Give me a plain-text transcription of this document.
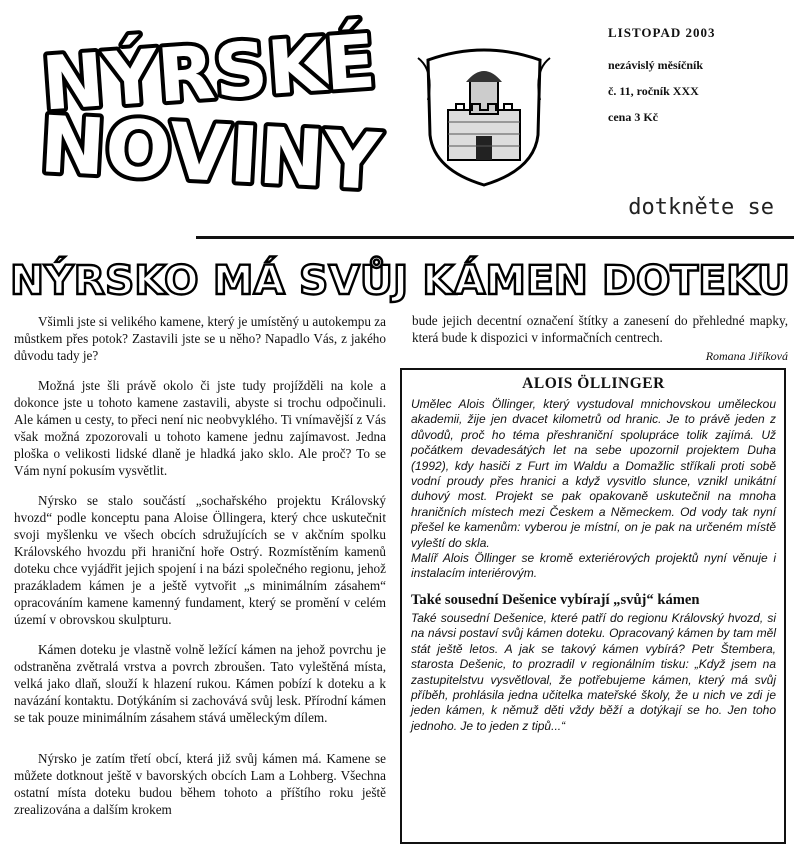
NÝRSKÉ
NOVINY
LISTOPAD 2003
nezávislý měsíčník
č. 11, ročník XXX
cena 3 Kč
dotkněte se
NÝRSKO MÁ SVŮJ KÁMEN DOTEKU

Všimli jste si velikého kamene, který je umístěný u autokempu za můstkem přes potok? Zastavili jste se u něho? Napadlo Vás, z jakého důvodu tady je?

Možná jste šli právě okolo či jste tudy projížděli na kole a dokonce jste u tohoto kamene zastavili, abyste si trochu odpočinuli. Ale kámen u cesty, to přeci není nic neobvyklého. Ti vnímavější z Vás však možná zpozorovali u tohoto kamene jednu zajímavost. Jedna ploška o velikosti lidské dlaně je hladká jako sklo. Ale proč? To se Vám nyní pokusím vysvětlit.

Nýrsko se stalo součástí „sochařského projektu Královský hvozd“ podle konceptu pana Aloise Öllingera, který chce uskutečnit svoji myšlenku ve všech obcích sdružujících se v akčním spolku Královského hvozdu při hraniční hoře Ostrý. Rozmístěním kamenů doteku chce vyjádřit jejich spojení i na bázi společného regionu, jehož prazákladem kámen je a ještě vytvořit „s minimálním zásahem“ opracováním kamene kamenný fundament, který se promění v celém území v obrovskou skulpturu.

Kámen doteku je vlastně volně ležící kámen na jehož povrchu je odstraněna zvětralá vrstva a povrch zbroušen. Tato vyleštěná místa, velká jako dlaň, slouží k hlazení rukou. Kámen pobízí k doteku a k navázání kontaktu. Dotýkáním si zachovává svůj lesk. Přírodní kámen se tak pouze minimálním zásahem stává uměleckým dílem.

Nýrsko je zatím třetí obcí, která již svůj kámen má. Kamene se můžete dotknout ještě v bavorských obcích Lam a Lohberg. Všechna ostatní místa doteku budou během tohoto a příštího roku ještě zrealizována a dalším krokem

bude jejich decentní označení štítky a zanesení do přehledné mapky, která bude k dispozici v informačních centrech.

Romana Jiříková
ALOIS ÖLLINGER

Umělec Alois Öllinger, který vystudoval mnichovskou uměleckou akademii, žije jen dvacet kilometrů od hranic. Je to právě jeden z důvodů, proč ho téma přeshraniční spolupráce tolik zajímá. Už počátkem devadesátých let na sebe upozornil projektem Duha (1992), kdy hasiči z Furt im Waldu a Domažlic stříkali proti sobě vodní proudy přes hranici a když vysvitlo slunce, vznikl unikátní duhový most. Projekt se pak opakovaně uskutečnil na mnoha hraničních místech mezi Českem a Německem. Od vody tak nyní přešel ke kamenům: vyberou je místní, on je pak na určeném místě vyleští do skla.

Malíř Alois Öllinger se kromě exteriérových projektů nyní věnuje i instalacím interiérovým.

Také sousední Dešenice vybírají „svůj“ kámen

Také sousední Dešenice, které patří do regionu Královský hvozd, si na návsi postaví svůj kámen doteku. Opracovaný kámen by tam měl stát ještě letos. A jak se takový kámen vybírá? Petr Štembera, starosta Dešenic, to prozradil v regionálním tisku: „Když jsem na zastupitelstvu vysvětloval, že potřebujeme kámen, který má svůj příběh, prohlásila jedna učitelka mateřské školy, že u nich ve zdi je jeden kámen, k němuž děti vždy běží a dotýkají se ho. Jen toho jednoho. Je to jeden z tipů...“
